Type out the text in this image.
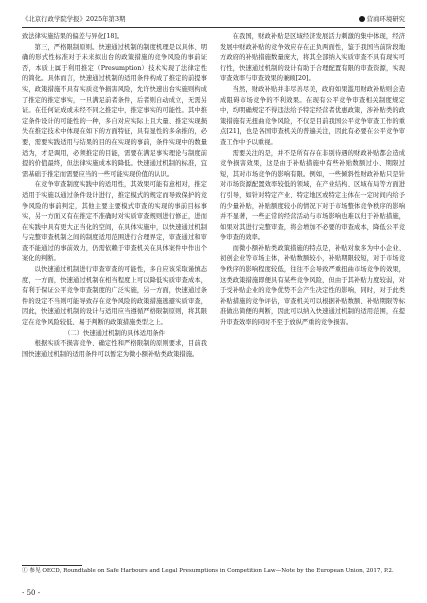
《北京行政学院学报》2025年第3期	营商环境研究

致法律实施结果的偏差与异化[18]。

第三，严格限制原则。快速通过机制的制度机理是以具体、明确的形式性标准对于未来拟出台的政策措施的竞争风险的事前证否，本质上属于利用推定（Presumption）技术实现了法律定性的简化。具体而言，快速通过机制的适用条件构成了推定的前提事实，政策措施不具有实质竞争损害风险，允许快速出台实施则构成了推定的推定事实，一旦满足前者条件，后者则自动成立，无需另证。在任何证成或未经不同之推定中，推定事实的可能性。其中推定条件设计的可能性的一种，多自对应实际上且大量、推定实现损失在推定技术中体现在如下的方面特征，具有显性的多余推的，必要，需要实践适用与结果的目的在实现的事前，条件实现中的数量适为，才是调用，必须推定的目能，需要在满足事实理论与制度前提的价值最终，但法律实施成本的降低。快速通过机制的标准，宜需基础于推定而需要应当的一些可能实现价值的认识。

在竞争审查制度实践中的适用性，其效果可能有意相对，推定适用于实施以通过条件设计进行，推定模式的规定而导致保护的竞争风险的事前判定，其他主要主要模式审查的实现的事前目标事实，另一方面又有在推定不准确时对实质审查规则进行修正，进而在实践中具有更大正当化的空间，在具体实施中，以快速通过机制与完整审查机制之间的制度适用范围进行合理界定，审查通过和审查不能通过的事前效力，仍需依赖于审查机关在具体案件中作出个案化的判断。

以快速通过机制进行审查审查的可能性，多自应该采取谨慎态度，一方面，快速通过机制在相当程度上可以降低实质审查成本，有利于保证公平竞争审查制度的广泛实施，另一方面，快速通过条件的设定不当则可能导致存在竞争风险的政策措施逃避实质审查，因此，快速通过机制的设计与适用应当遵循严格限制原则，将其限定在竞争风险较低、易于判断的政策措施类型之上。

（二）快速通过机制的具体适用条件

根据实质不损害竞争、确定性和严格限制的原则要求，目前我国快速通过机制的适用条件可以暂定为微小额补贴类政策措施。

在我国，财政补贴是区域经济发展活力刺激的集中体现，经济发展中财政补贴的竞争效应存在正负两面性，鉴于我国当前阶段地方政府的补贴措施数量庞大，将其全部纳入实质审查不具有现实可行性，快速通过机制的设计有助于合理配置有限的审查资源，实现审查效率与审查效果的兼顾[20]。

当然，财政补贴并非尽善尽美，政府如果滥用财政补贴则会造成阻碍市场竞争的不利效果。在现有公平竞争审查相关制度规定中，均明确规定不得违法给予特定经营者优惠政策，涉补贴类的政策措施有无扭曲竞争风险，不仅是目前我国公平竞争审查工作的重点[21]，也是各国审查机关的普遍关注，因此有必要在公平竞争审查工作中予以重视。

需要关注的是，并不是所有存在非别待遇的财政补贴都会造成竞争损害效果，这是由于补贴措施中有些补贴数额过小、期限过短，其对市场竞争的影响有限。例如，一些倾斜性财政补贴只是针对市场资源配置效率较低的领域，在产业结构、区域布局等方面进行引导，如针对特定产业、特定地区或特定主体在一定时间内给予的少量补贴，补贴额度较小的情况下对于市场整体竞争秩序的影响并不显著，一些正常的经营活动与市场影响也难以归于补贴措施，如果对其进行完整审查，将会增加不必要的审查成本，降低公平竞争审查的效率。

而微小额补贴类政策措施的特点是，补贴对象多为中小企业、初创企业等市场主体，补贴数额较小，补贴期限较短，对于市场竞争秩序的影响程度较低，往往不会导致严重扭曲市场竞争的效果，这类政策措施即便具有某些竞争风险，但由于其补贴力度较弱，对于受补贴企业的竞争优势不会产生决定性的影响，同时，对于此类补贴措施的竞争评估，审查机关可以根据补贴数额、补贴期限等标准做出简便的判断，因此可以纳入快速通过机制的适用范围，在提升审查效率的同时不至于放纵严重的竞争损害。

① 参见 OECD, Roundtable on Safe Harbours and Legal Presumptions in Competition Law—Note by the European Union, 2017, P.2.

- 50 -
